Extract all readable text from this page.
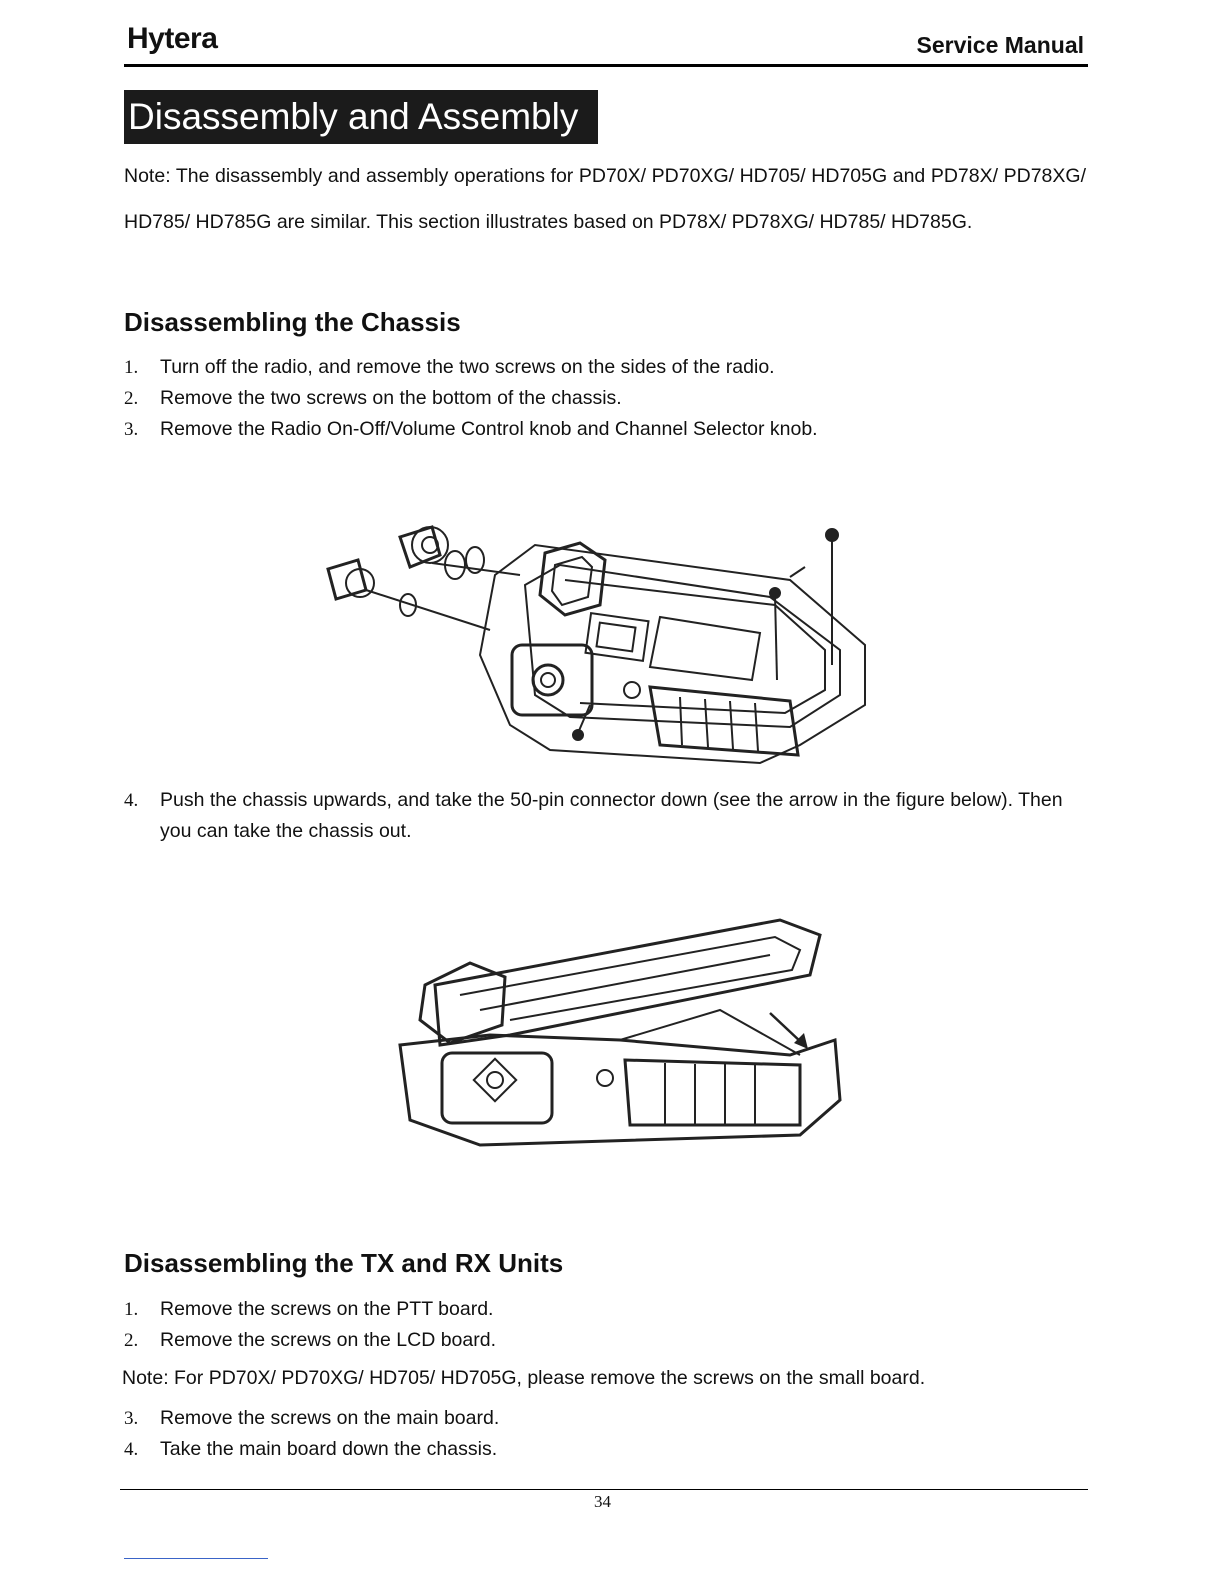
Hytera	Service Manual
Disassembly and Assembly

Note: The disassembly and assembly operations for PD70X/ PD70XG/ HD705/ HD705G and PD78X/ PD78XG/ HD785/ HD785G are similar. This section illustrates based on PD78X/ PD78XG/ HD785/ HD785G.

Disassembling the Chassis
1. Turn off the radio, and remove the two screws on the sides of the radio.
2. Remove the two screws on the bottom of the chassis.
3. Remove the Radio On-Off/Volume Control knob and Channel Selector knob.
4. Push the chassis upwards, and take the 50-pin connector down (see the arrow in the figure below). Then you can take the chassis out.
Disassembling the TX and RX Units
1. Remove the screws on the PTT board.
2. Remove the screws on the LCD board.
Note: For PD70X/ PD70XG/ HD705/ HD705G, please remove the screws on the small board.
3. Remove the screws on the main board.
4. Take the main board down the chassis.
34
